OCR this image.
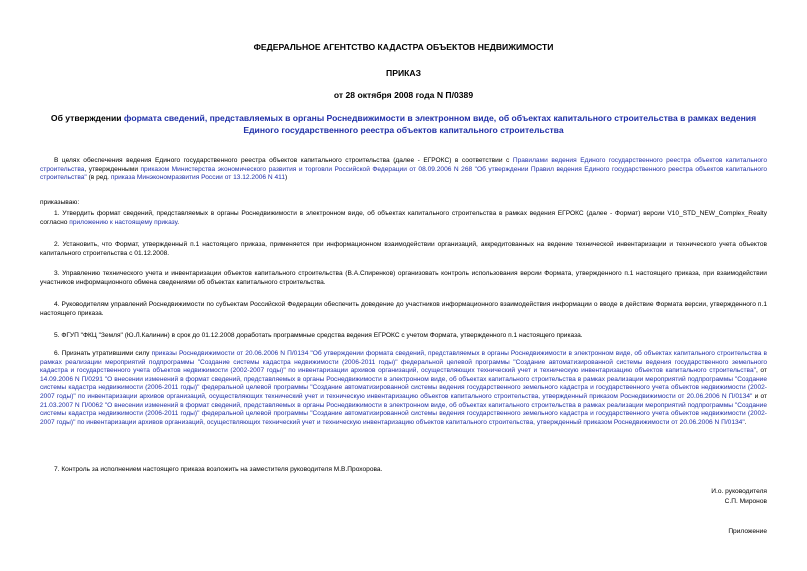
ФЕДЕРАЛЬНОЕ АГЕНТСТВО КАДАСТРА ОБЪЕКТОВ НЕДВИЖИМОСТИ
ПРИКАЗ
от 28 октября 2008 года N П/0389
Об утверждении формата сведений, представляемых в органы Роснедвижимости в электронном виде, об объектах капитального строительства в рамках ведения Единого государственного реестра объектов капитального строительства

В целях обеспечения ведения Единого государственного реестра объектов капитального строительства (далее - ЕГРОКС) в соответствии с Правилами ведения Единого государственного реестра объектов капитального строительства, утвержденными приказом Министерства экономического развития и торговли Российской Федерации от 08.09.2006 N 268 "Об утверждении Правил ведения Единого государственного реестра объектов капитального строительства" (в ред. приказа Минэкономразвития России от 13.12.2006 N 411)

приказываю:

1. Утвердить формат сведений, представляемых в органы Роснедвижимости в электронном виде, об объектах капитального строительства в рамках ведения ЕГРОКС (далее - Формат) версии V10_STD_NEW_Complex_Realty согласно приложению к настоящему приказу.

2. Установить, что Формат, утвержденный п.1 настоящего приказа, применяется при информационном взаимодействии организаций, аккредитованных на ведение технической инвентаризации и технического учета объектов капитального строительства с 01.12.2008.

3. Управлению технического учета и инвентаризации объектов капитального строительства (В.А.Спиренков) организовать контроль использования версии Формата, утвержденного п.1 настоящего приказа, при взаимодействии участников информационного обмена сведениями об объектах капитального строительства.

4. Руководителям управлений Роснедвижимости по субъектам Российской Федерации обеспечить доведение до участников информационного взаимодействия информации о вводе в действие Формата версии, утвержденного п.1 настоящего приказа.

5. ФГУП "ФКЦ "Земля" (Ю.Л.Калинин) в срок до 01.12.2008 доработать программные средства ведения ЕГРОКС с учетом Формата, утвержденного п.1 настоящего приказа.

6. Признать утратившими силу приказы Роснедвижимости от 20.06.2006 N П/0134 "Об утверждении формата сведений, представляемых в органы Роснедвижимости в электронном виде, об объектах капитального строительства в рамках реализации мероприятий подпрограммы "Создание системы кадастра недвижимости (2006-2011 годы)" федеральной целевой программы "Создание автоматизированной системы ведения государственного земельного кадастра и государственного учета объектов недвижимости (2002-2007 годы)" по инвентаризации архивов организаций, осуществляющих технический учет и техническую инвентаризацию объектов капитального строительства", от 14.09.2006 N П/0291 "О внесении изменений в формат сведений, представляемых в органы Роснедвижимости в электронном виде, об объектах капитального строительства в рамках реализации мероприятий подпрограммы "Создание системы кадастра недвижимости (2006-2011 годы)" федеральной целевой программы "Создание автоматизированной системы ведения государственного земельного кадастра и государственного учета объектов недвижимости (2002-2007 годы)" по инвентаризации архивов организаций, осуществляющих технический учет и техническую инвентаризацию объектов капитального строительства, утвержденный приказом Роснедвижимости от 20.06.2006 N П/0134" и от 21.03.2007 N П/0062 "О внесении изменений в формат сведений, представляемых в органы Роснедвижимости в электронном виде, об объектах капитального строительства в рамках реализации мероприятий подпрограммы "Создание системы кадастра недвижимости (2006-2011 годы)" федеральной целевой программы "Создание автоматизированной системы ведения государственного земельного кадастра и государственного учета объектов недвижимости (2002-2007 годы)" по инвентаризации архивов организаций, осуществляющих технический учет и техническую инвентаризацию объектов капитального строительства, утвержденный приказом Роснедвижимости от 20.06.2006 N П/0134".

7. Контроль за исполнением настоящего приказа возложить на заместителя руководителя М.В.Прохорова.

И.о. руководителя
С.П. Миронов
Приложение
